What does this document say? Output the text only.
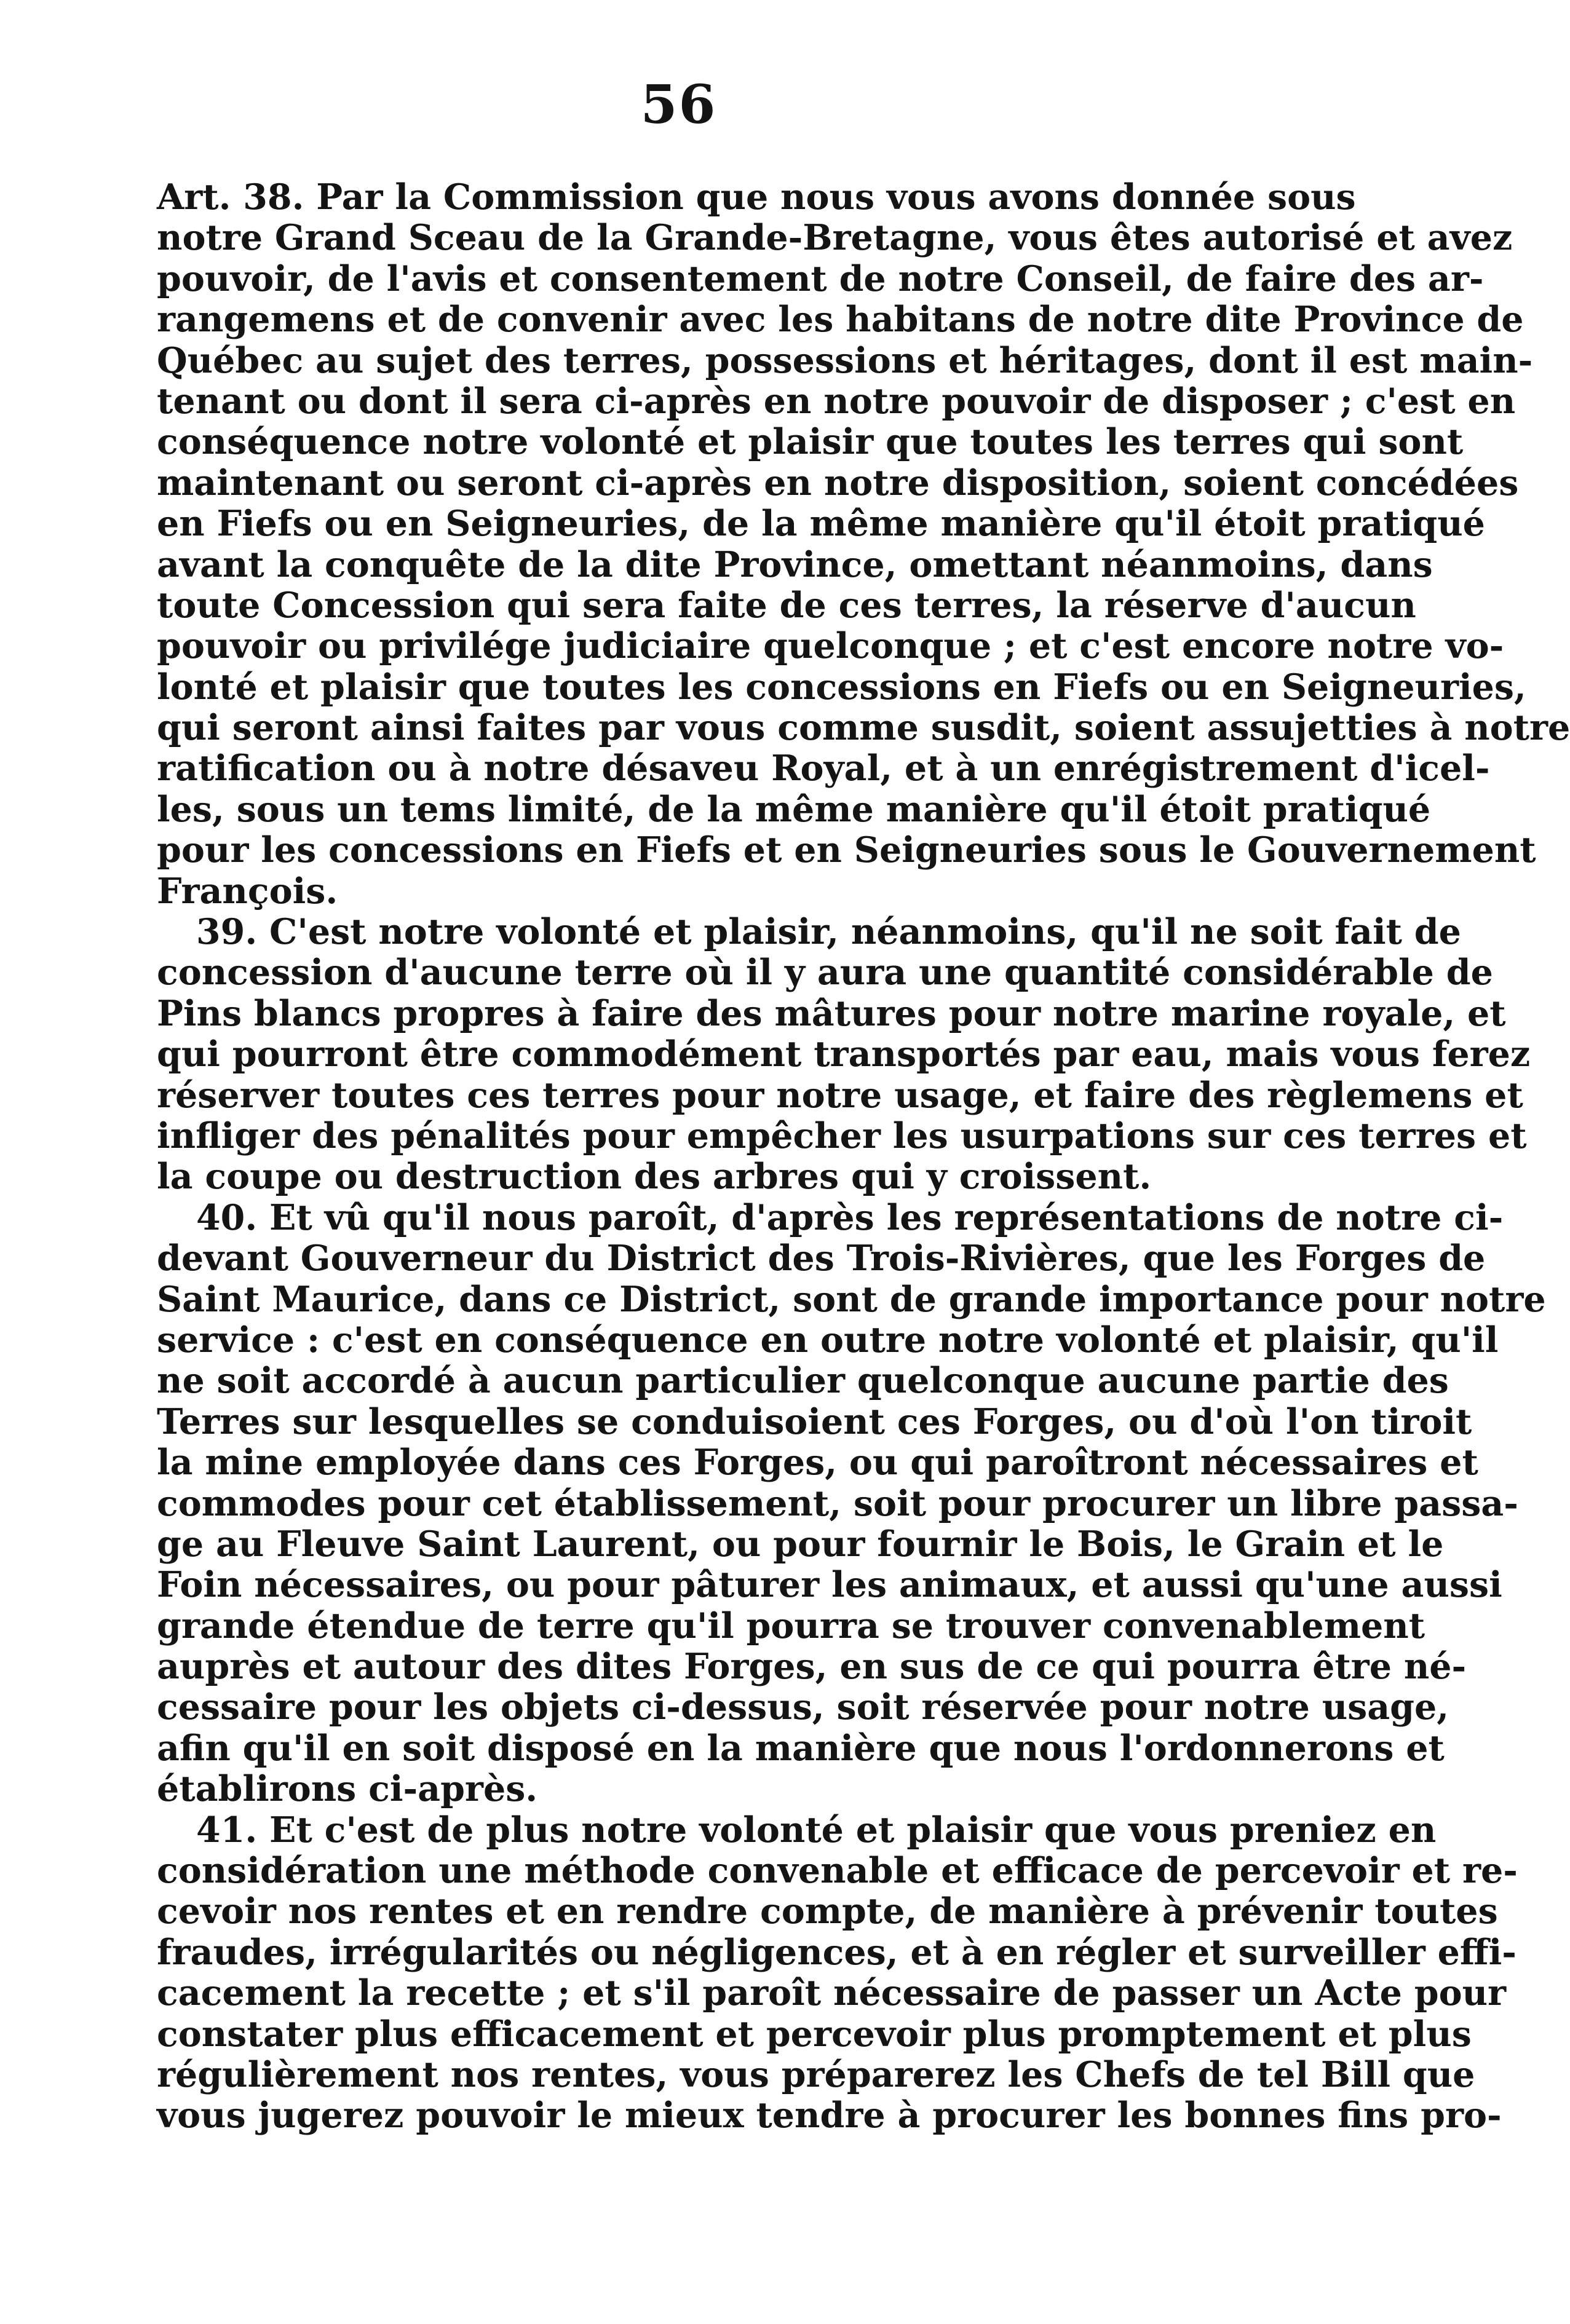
56
Art. 38. Par la Commission que nous vous avons donnée sous
notre Grand Sceau de la Grande-Bretagne, vous êtes autorisé et avez
pouvoir, de l'avis et consentement de notre Conseil, de faire des ar-
rangemens et de convenir avec les habitans de notre dite Province de
Québec au sujet des terres, possessions et héritages, dont il est main-
tenant ou dont il sera ci-après en notre pouvoir de disposer ; c'est en
conséquence notre volonté et plaisir que toutes les terres qui sont
maintenant ou seront ci-après en notre disposition, soient concédées
en Fiefs ou en Seigneuries, de la même manière qu'il étoit pratiqué
avant la conquête de la dite Province, omettant néanmoins, dans
toute Concession qui sera faite de ces terres, la réserve d'aucun
pouvoir ou privilége judiciaire quelconque ; et c'est encore notre vo-
lonté et plaisir que toutes les concessions en Fiefs ou en Seigneuries,
qui seront ainsi faites par vous comme susdit, soient assujetties à notre
ratification ou à notre désaveu Royal, et à un enrégistrement d'icel-
les, sous un tems limité, de la même manière qu'il étoit pratiqué
pour les concessions en Fiefs et en Seigneuries sous le Gouvernement
François.
39. C'est notre volonté et plaisir, néanmoins, qu'il ne soit fait de
concession d'aucune terre où il y aura une quantité considérable de
Pins blancs propres à faire des mâtures pour notre marine royale, et
qui pourront être commodément transportés par eau, mais vous ferez
réserver toutes ces terres pour notre usage, et faire des règlemens et
infliger des pénalités pour empêcher les usurpations sur ces terres et
la coupe ou destruction des arbres qui y croissent.
40. Et vû qu'il nous paroît, d'après les représentations de notre ci-
devant Gouverneur du District des Trois-Rivières, que les Forges de
Saint Maurice, dans ce District, sont de grande importance pour notre
service : c'est en conséquence en outre notre volonté et plaisir, qu'il
ne soit accordé à aucun particulier quelconque aucune partie des
Terres sur lesquelles se conduisoient ces Forges, ou d'où l'on tiroit
la mine employée dans ces Forges, ou qui paroîtront nécessaires et
commodes pour cet établissement, soit pour procurer un libre passa-
ge au Fleuve Saint Laurent, ou pour fournir le Bois, le Grain et le
Foin nécessaires, ou pour pâturer les animaux, et aussi qu'une aussi
grande étendue de terre qu'il pourra se trouver convenablement
auprès et autour des dites Forges, en sus de ce qui pourra être né-
cessaire pour les objets ci-dessus, soit réservée pour notre usage,
afin qu'il en soit disposé en la manière que nous l'ordonnerons et
établirons ci-après.
41. Et c'est de plus notre volonté et plaisir que vous preniez en
considération une méthode convenable et efficace de percevoir et re-
cevoir nos rentes et en rendre compte, de manière à prévenir toutes
fraudes, irrégularités ou négligences, et à en régler et surveiller effi-
cacement la recette ; et s'il paroît nécessaire de passer un Acte pour
constater plus efficacement et percevoir plus promptement et plus
régulièrement nos rentes, vous préparerez les Chefs de tel Bill que
vous jugerez pouvoir le mieux tendre à procurer les bonnes fins pro-
